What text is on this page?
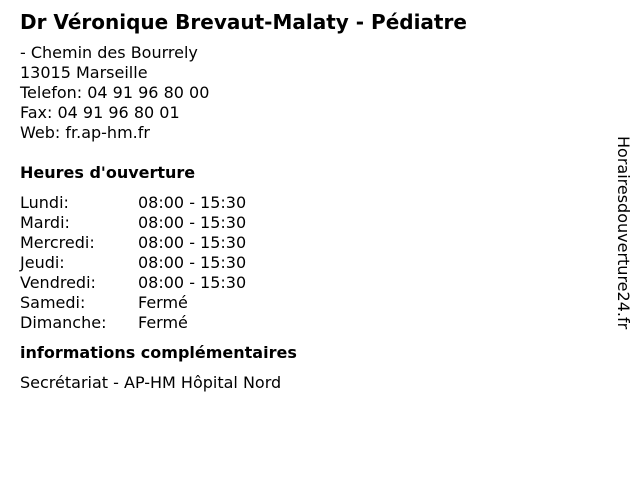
Dr Véronique Brevaut-Malaty - Pédiatre
- Chemin des Bourrely
13015 Marseille
Telefon: 04 91 96 80 00
Fax: 04 91 96 80 01
Web: fr.ap-hm.fr
Heures d'ouverture
Lundi:	08:00 - 15:30
Mardi:	08:00 - 15:30
Mercredi:	08:00 - 15:30
Jeudi:	08:00 - 15:30
Vendredi:	08:00 - 15:30
Samedi:	Fermé
Dimanche:	Fermé
informations complémentaires
Secrétariat - AP-HM Hôpital Nord
Horairesdouverture24.fr
